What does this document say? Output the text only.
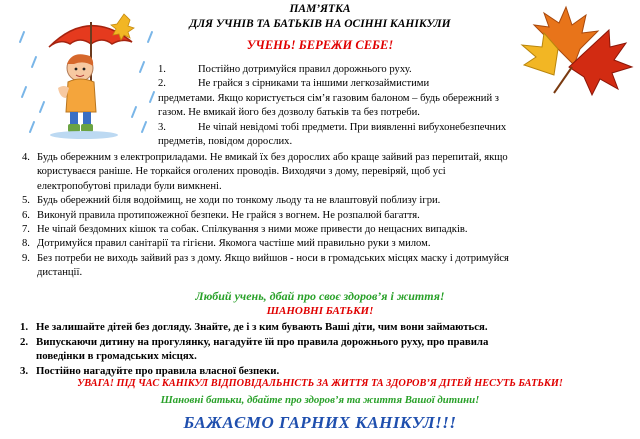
ПАМ’ЯТКА
ДЛЯ УЧНІВ ТА БАТЬКІВ НА ОСІННІ КАНІКУЛИ
УЧЕНЬ! БЕРЕЖИ СЕБЕ!
1.	Постійно дотримуйся правил дорожнього руху.
2.	Не грайся з сірниками та іншими легкозаймистими
предметами. Якщо користується сім’я газовим балоном – будь обережний з
газом. Не вмикай його без дозволу батьків та без потреби.
3.	Не чіпай невідомі тобі предмети. При виявленні вибухонебезпечних
предметів, повідом дорослих.
4. Будь обережним з електроприладами. Не вмикай їх без дорослих або краще зайвий раз перепитай, якщо
користуваєся раніше. Не торкайся оголених проводів. Виходячи з дому, перевіряй, щоб усі
електропобутові прилади були вимкнені.
5. Будь обережний біля водоймищ, не ходи по тонкому льоду та не влаштовуй поблизу ігри.
6. Виконуй правила протипожежної безпеки. Не грайся з вогнем. Не розпалюй багаття.
7. Не чіпай бездомних кішок та собак. Спілкування з ними може привести до нещасних випадків.
8. Дотримуйся правил санітарії та гігієни. Якомога частіше мий правильно руки з милом.
9. Без потреби не виходь зайвий раз з дому. Якщо вийшов - носи в громадських місцях маску і дотримуйся
дистанції.
Любий учень, дбай про своє здоров’я і життя!
ШАНОВНІ БАТЬКИ!
1. Не залишайте дітей без догляду. Знайте, де і з ким бувають Ваші діти, чим вони займаються.
2. Випускаючи дитину на прогулянку, нагадуйте їй про правила дорожнього руху, про правила
поведінки в громадських місцях.
3. Постійно нагадуйте про правила власної безпеки.
УВАГА! ПІД ЧАС КАНІКУЛ ВІДПОВІДАЛЬНІСТЬ ЗА ЖИТТЯ ТА ЗДОРОВ’Я ДІТЕЙ НЕСУТЬ БАТЬКИ!
Шановні батьки, дбайте про здоров’я та життя Вашої дитини!
БАЖАЄМО ГАРНИХ КАНІКУЛ!!!
